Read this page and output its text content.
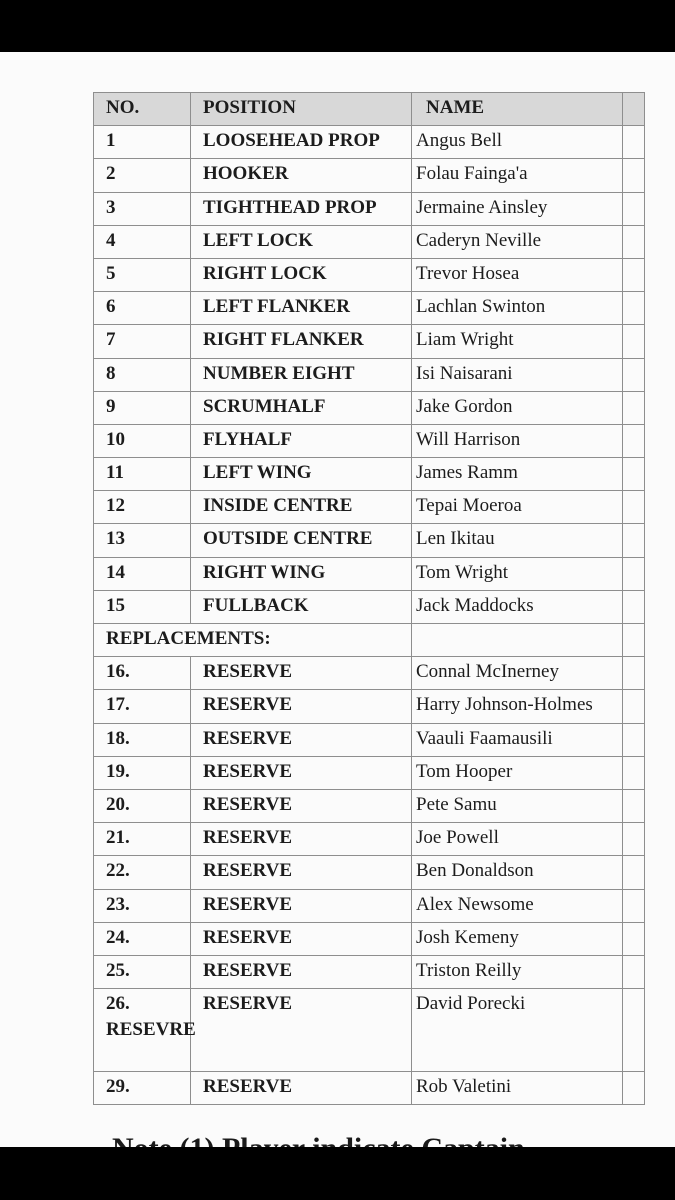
NO.	POSITION	NAME	
1	LOOSEHEAD PROP	Angus Bell	
2	HOOKER	Folau Fainga'a	
3	TIGHTHEAD PROP	Jermaine Ainsley	
4	LEFT LOCK	Caderyn Neville	
5	RIGHT LOCK	Trevor Hosea	
6	LEFT FLANKER	Lachlan Swinton	
7	RIGHT FLANKER	Liam Wright	
8	NUMBER EIGHT	Isi Naisarani	
9	SCRUMHALF	Jake Gordon	
10	FLYHALF	Will Harrison	
11	LEFT WING	James Ramm	
12	INSIDE CENTRE	Tepai Moeroa	
13	OUTSIDE CENTRE	Len Ikitau	
14	RIGHT WING	Tom Wright	
15	FULLBACK	Jack Maddocks	
REPLACEMENTS:			
16.	RESERVE	Connal McInerney	
17.	RESERVE	Harry Johnson-Holmes	
18.	RESERVE	Vaauli Faamausili	
19.	RESERVE	Tom Hooper	
20.	RESERVE	Pete Samu	
21.	RESERVE	Joe Powell	
22.	RESERVE	Ben Donaldson	
23.	RESERVE	Alex Newsome	
24.	RESERVE	Josh Kemeny	
25.	RESERVE	Triston Reilly	
26. RESEVRE	RESERVE	David Porecki	
29.	RESERVE	Rob Valetini	
